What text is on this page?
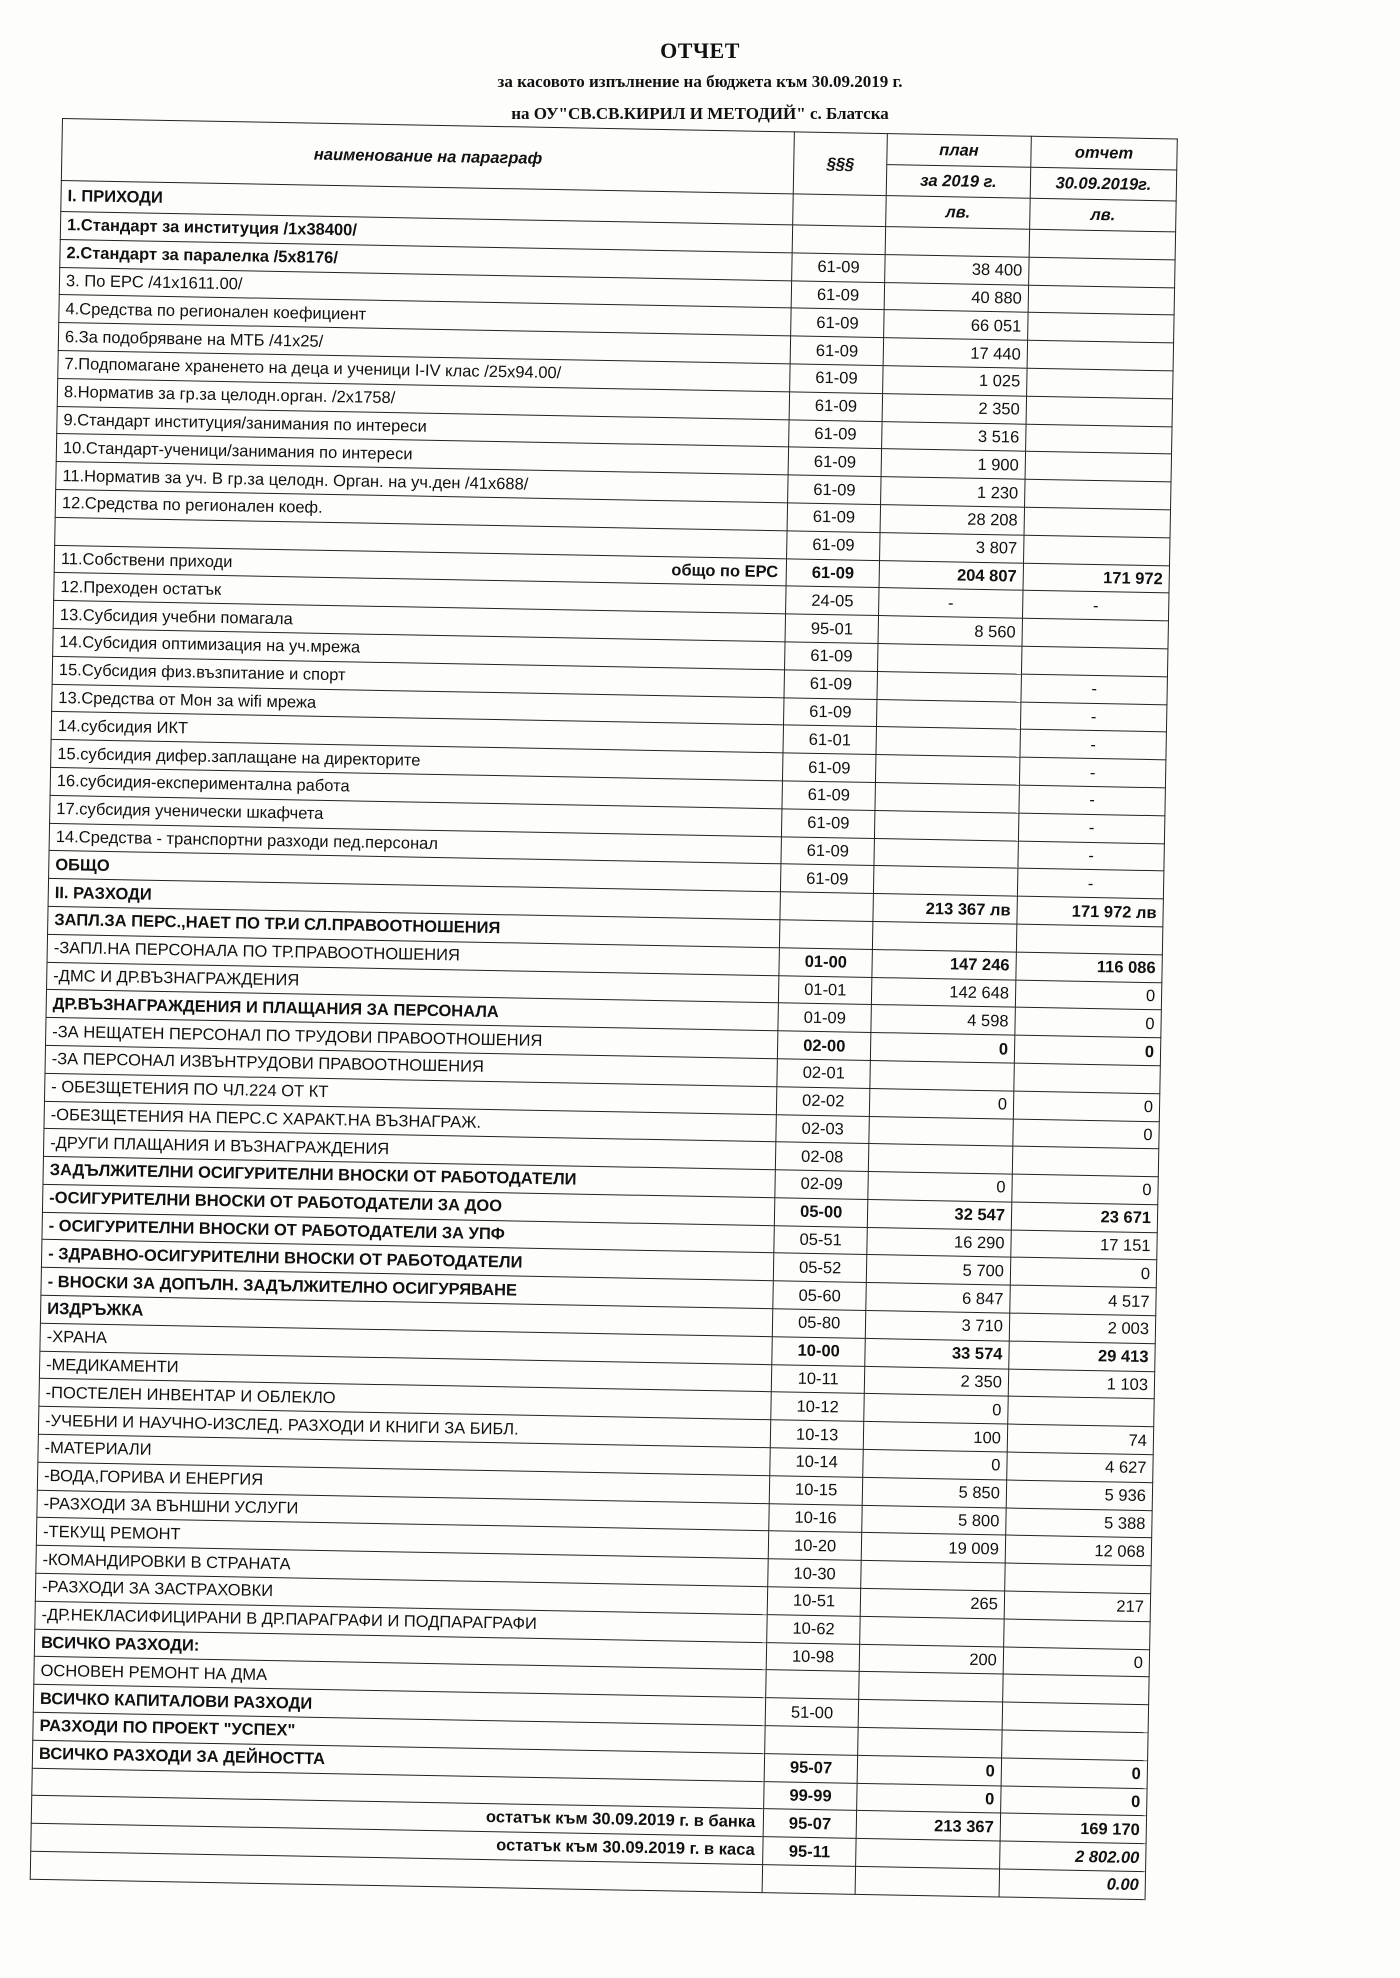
ОТЧЕТ
за касовото изпълнение на бюджета към 30.09.2019 г.
на ОУ"СВ.СВ.КИРИЛ И МЕТОДИЙ" с. Блатска
наименование на параграф	§§§	план	отчет
		за 2019 г.	30.09.2019г.
I. ПРИХОДИ		лв.	лв.
1.Стандарт за институция /1x38400/			
2.Стандарт за паралелка /5x8176/	61-09	38 400	
3. По ЕРС /41x1611.00/	61-09	40 880	
4.Средства по регионален коефициент	61-09	66 051	
6.За подобряване на МТБ /41x25/	61-09	17 440	
7.Подпомагане храненето на деца и ученици I-IV клас /25x94.00/	61-09	1 025	
8.Норматив за гр.за целодн.орган. /2x1758/	61-09	2 350	
9.Стандарт институция/занимания по интереси	61-09	3 516	
10.Стандарт-ученици/занимания по интереси	61-09	1 900	
11.Норматив за уч. В гр.за целодн. Орган. на уч.ден /41x688/	61-09	1 230	
12.Средства по регионален коеф.	61-09	28 208	
	61-09	3 807	
11.Собствени приходи общо по ЕРС	61-09	204 807	171 972
12.Преходен остатък	24-05	-	-
13.Субсидия учебни помагала	95-01	8 560	
14.Субсидия оптимизация на уч.мрежа	61-09		
15.Субсидия физ.възпитание и спорт	61-09		-
13.Средства от Мон за wifi мрежа	61-09		-
14.субсидия ИКТ	61-01		-
15.субсидия дифер.заплащане на директорите	61-09		-
16.субсидия-експериментална работа	61-09		-
17.субсидия ученически шкафчета	61-09		-
14.Средства - транспортни разходи пед.персонал	61-09		-
ОБЩО	61-09		-
II. РАЗХОДИ		213 367 лв	171 972 лв
ЗАПЛ.ЗА ПЕРС.,НАЕТ ПО ТР.И СЛ.ПРАВООТНОШЕНИЯ			
-ЗАПЛ.НА ПЕРСОНАЛА ПО ТР.ПРАВООТНОШЕНИЯ	01-00	147 246	116 086
-ДМС И ДР.ВЪЗНАГРАЖДЕНИЯ	01-01	142 648	0
ДР.ВЪЗНАГРАЖДЕНИЯ И ПЛАЩАНИЯ ЗА ПЕРСОНАЛА	01-09	4 598	0
-ЗА НЕЩАТЕН ПЕРСОНАЛ ПО ТРУДОВИ ПРАВООТНОШЕНИЯ	02-00	0	0
-ЗА ПЕРСОНАЛ ИЗВЪНТРУДОВИ ПРАВООТНОШЕНИЯ	02-01		
- ОБЕЗЩЕТЕНИЯ ПО ЧЛ.224 ОТ КТ	02-02	0	0
-ОБЕЗЩЕТЕНИЯ НА ПЕРС.С ХАРАКТ.НА ВЪЗНАГРАЖ.	02-03		0
-ДРУГИ ПЛАЩАНИЯ И ВЪЗНАГРАЖДЕНИЯ	02-08		
ЗАДЪЛЖИТЕЛНИ ОСИГУРИТЕЛНИ ВНОСКИ ОТ РАБОТОДАТЕЛИ	02-09	0	0
-ОСИГУРИТЕЛНИ ВНОСКИ ОТ РАБОТОДАТЕЛИ ЗА ДОО	05-00	32 547	23 671
- ОСИГУРИТЕЛНИ ВНОСКИ ОТ РАБОТОДАТЕЛИ ЗА УПФ	05-51	16 290	17 151
- ЗДРАВНО-ОСИГУРИТЕЛНИ ВНОСКИ ОТ РАБОТОДАТЕЛИ	05-52	5 700	0
- ВНОСКИ ЗА ДОПЪЛН. ЗАДЪЛЖИТЕЛНО ОСИГУРЯВАНЕ	05-60	6 847	4 517
ИЗДРЪЖКА	05-80	3 710	2 003
-ХРАНА	10-00	33 574	29 413
-МЕДИКАМЕНТИ	10-11	2 350	1 103
-ПОСТЕЛЕН ИНВЕНТАР И ОБЛЕКЛО	10-12	0	
-УЧЕБНИ И НАУЧНО-ИЗСЛЕД. РАЗХОДИ И КНИГИ ЗА БИБЛ.	10-13	100	74
-МАТЕРИАЛИ	10-14	0	4 627
-ВОДА,ГОРИВА И ЕНЕРГИЯ	10-15	5 850	5 936
-РАЗХОДИ ЗА ВЪНШНИ УСЛУГИ	10-16	5 800	5 388
-ТЕКУЩ РЕМОНТ	10-20	19 009	12 068
-КОМАНДИРОВКИ В СТРАНАТА	10-30		
-РАЗХОДИ ЗА ЗАСТРАХОВКИ	10-51	265	217
-ДР.НЕКЛАСИФИЦИРАНИ В ДР.ПАРАГРАФИ И ПОДПАРАГРАФИ	10-62		
ВСИЧКО РАЗХОДИ:	10-98	200	0
ОСНОВЕН РЕМОНТ НА ДМА			
ВСИЧКО КАПИТАЛОВИ РАЗХОДИ	51-00		
РАЗХОДИ ПО ПРОЕКТ "УСПЕХ"			
ВСИЧКО РАЗХОДИ ЗА ДЕЙНОСТТА	95-07	0	0
	99-99	0	0

остатък към 30.09.2019 г. в банка	95-07	213 367	169 170

остатък към 30.09.2019 г. в каса	95-11		2 802.00
			0.00
